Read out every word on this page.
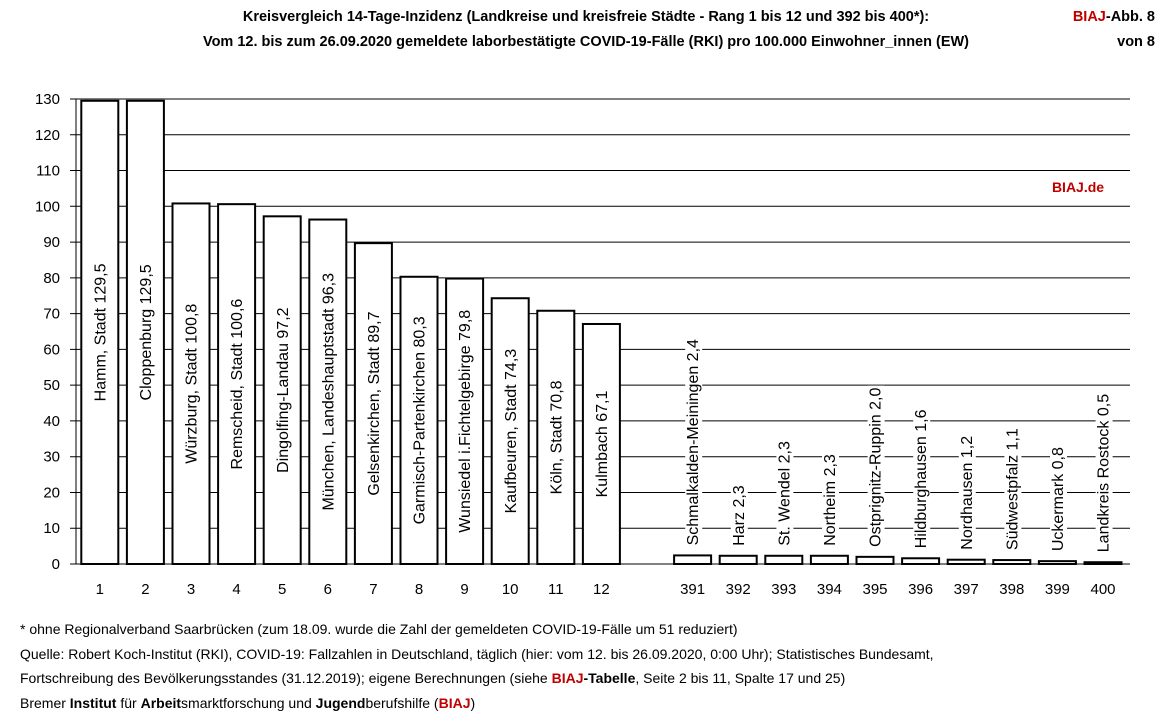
0
10
20
30
40
50
60
70
80
90
100
110
120
130
1 2 3 4 5 6 7 8 9 10 11 12	391 392 393 394 395 396 397 398 399 400
Hamm, Stadt 129,5 Cloppenburg 129,5 Würzburg, Stadt 100,8 Remscheid, Stadt 100,6 Dingolfing-Landau 97,2 München, Landeshauptstadt 96,3 Gelsenkirchen, Stadt 89,7 Garmisch-Partenkirchen 80,3 Wunsiedel i.Fichtelgebirge 79,8 Kaufbeuren, Stadt 74,3 Köln, Stadt 70,8 Kulmbach 67,1	Schmalkalden-Meiningen 2,4 Harz 2,3 St. Wendel 2,3 Northeim 2,3 Ostprignitz-Ruppin 2,0 Hildburghausen 1,6 Nordhausen 1,2 Südwestpfalz 1,1 Uckermark 0,8 Landkreis Rostock 0,5
BIAJ.de
Kreisvergleich 14-Tage-Inzidenz (Landkreise und kreisfreie Städte - Rang 1 bis 12 und 392 bis 400*):
Vom 12. bis zum 26.09.2020 gemeldete laborbestätigte COVID-19-Fälle (RKI) pro 100.000 Einwohner_innen (EW)
BIAJ-Abb. 8
von 8
* ohne Regionalverband Saarbrücken (zum 18.09. wurde die Zahl der gemeldeten COVID-19-Fälle um 51 reduziert)
Quelle: Robert Koch-Institut (RKI), COVID-19: Fallzahlen in Deutschland, täglich (hier: vom 12. bis 26.09.2020, 0:00 Uhr); Statistisches Bundesamt,
Fortschreibung des Bevölkerungsstandes (31.12.2019); eigene Berechnungen (siehe BIAJ-Tabelle, Seite 2 bis 11, Spalte 17 und 25)
Bremer Institut für Arbeitsmarktforschung und Jugendberufshilfe (BIAJ)
